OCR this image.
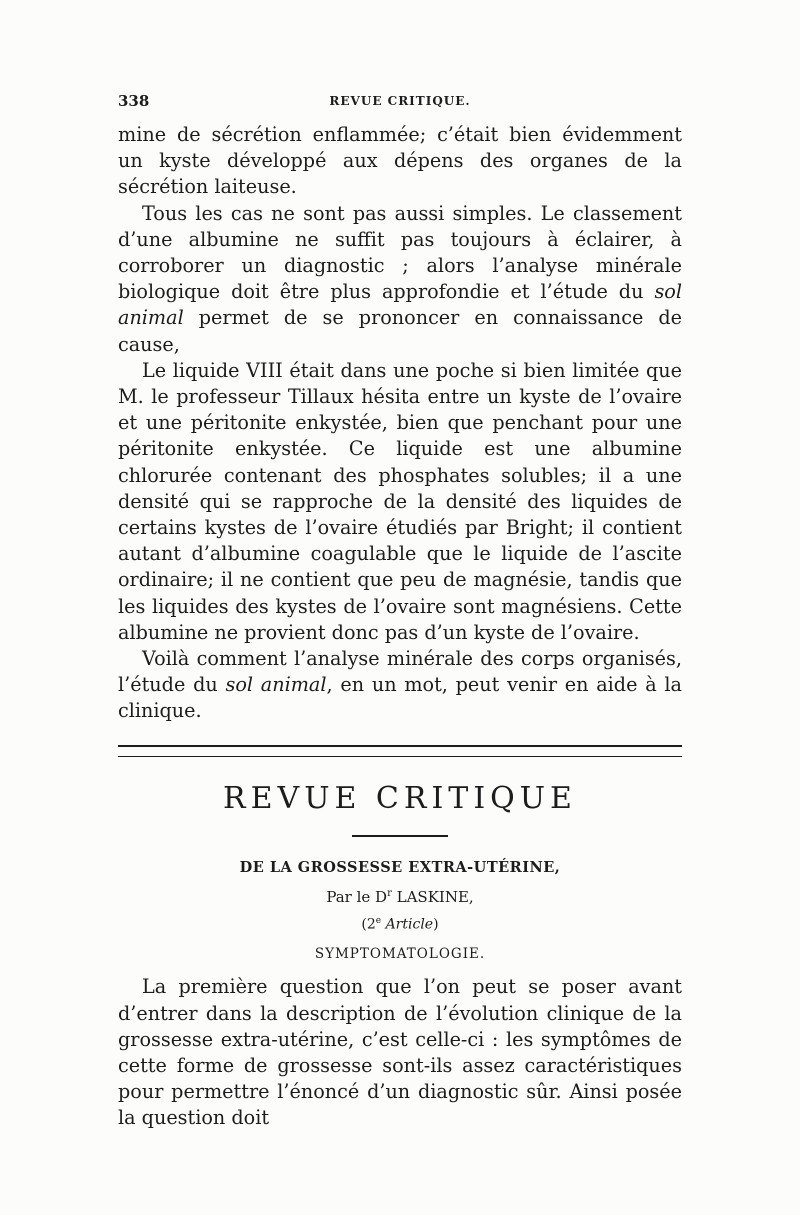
338	REVUE CRITIQUE.

mine de sécrétion enflammée; c’était bien évidemment un kyste développé aux dépens des organes de la sécrétion laiteuse.

Tous les cas ne sont pas aussi simples. Le classement d’une albumine ne suffit pas toujours à éclairer, à corroborer un diagnostic ; alors l’analyse minérale biologique doit être plus approfondie et l’étude du sol animal permet de se prononcer en connaissance de cause,

Le liquide VIII était dans une poche si bien limitée que M. le professeur Tillaux hésita entre un kyste de l’ovaire et une péritonite enkystée, bien que penchant pour une péritonite enkystée. Ce liquide est une albumine chlorurée contenant des phosphates solubles; il a une densité qui se rapproche de la densité des liquides de certains kystes de l’ovaire étudiés par Bright; il contient autant d’albumine coagulable que le liquide de l’ascite ordinaire; il ne contient que peu de magnésie, tandis que les liquides des kystes de l’ovaire sont magnésiens. Cette albumine ne provient donc pas d’un kyste de l’ovaire.

Voilà comment l’analyse minérale des corps organisés, l’étude du sol animal, en un mot, peut venir en aide à la clinique.

REVUE CRITIQUE
DE LA GROSSESSE EXTRA-UTÉRINE,
Par le $D^r$ LASKINE,
(2e Article)
SYMPTOMATOLOGIE.

La première question que l’on peut se poser avant d’entrer dans la description de l’évolution clinique de la grossesse extra-utérine, c’est celle-ci : les symptômes de cette forme de grossesse sont-ils assez caractéristiques pour permettre l’énoncé d’un diagnostic sûr. Ainsi posée la question doit
